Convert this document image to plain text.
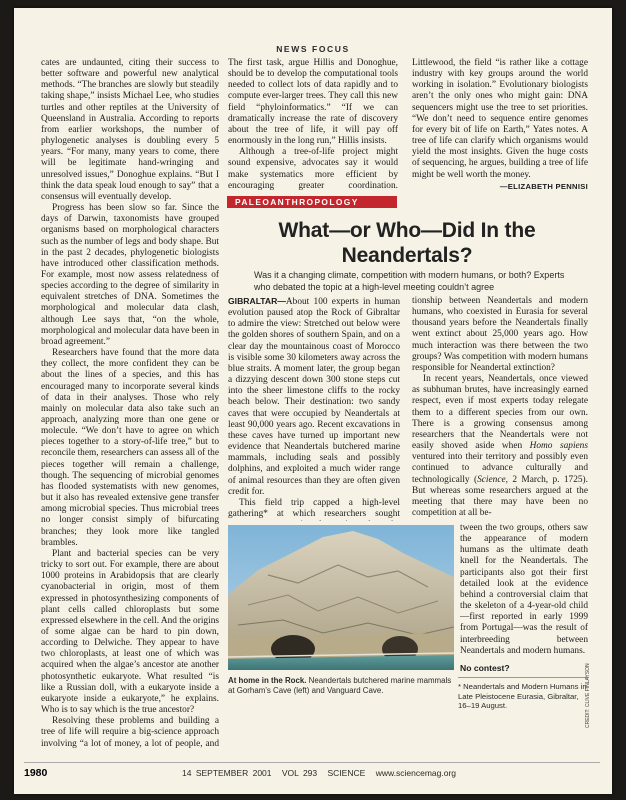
NEWS FOCUS

cates are undaunted, citing their success to better software and powerful new analytical methods. “The branches are slowly but steadily taking shape,” insists Michael Lee, who studies turtles and other reptiles at the University of Queensland in Australia. According to reports from earlier workshops, the number of phylogenetic analyses is doubling every 5 years. “For many, many years to come, there will be legitimate hand-wringing and unresolved issues,” Donoghue explains. “But I think the data speak loud enough to say” that a consensus will eventually develop.

Progress has been slow so far. Since the days of Darwin, taxonomists have grouped organisms based on morphological characters such as the number of legs and body shape. But in the past 2 decades, phylogenetic biologists have introduced other classification methods. For example, most now assess relatedness of species according to the degree of similarity in equivalent stretches of DNA. Sometimes the morphological and molecular data clash, although Lee says that, “on the whole, morphological and molecular data have been in broad agreement.”

Researchers have found that the more data they collect, the more confident they can be about the lines of a species, and this has encouraged many to incorporate several kinds of data in their analyses. Those who rely mainly on molecular data also take such an approach, analyzing more than one gene or molecule. “We don’t have to agree on which pieces together to a story-of-life tree,” but to reconcile them, researchers can assess all of the pieces together will remain a challenge, though. The sequencing of microbial genomes has flooded systematists with new genomes, but it also has revealed extensive gene transfer among microbial species. Thus microbial trees no longer consist simply of bifurcating branches; they look more like tangled brambles.

Plant and bacterial species can be very tricky to sort out. For example, there are about 1000 proteins in Arabidopsis that are clearly cyanobacterial in origin, most of them expressed in photosynthesizing components of plant cells called chloroplasts but some expressed elsewhere in the cell. And the origins of some algae can be hard to pin down, according to Delwiche. They appear to have two chloroplasts, at least one of which was acquired when the algae’s ancestor ate another photosynthetic eukaryote. What resulted “is like a Russian doll, with a eukaryote inside a eukaryote inside a eukaryote,” he explains. Who is to say which is the true ancestor?

Resolving these problems and building a tree of life will require a big-science approach involving “a lot of money, a lot of people, and

The first task, argue Hillis and Donoghue, should be to develop the computational tools needed to collect lots of data rapidly and to compute ever-larger trees. They call this new field “phyloinformatics.” “If we can dramatically increase the rate of discovery about the tree of life, it will pay off enormously in the long run,” Hillis insists.

Although a tree-of-life project might sound expensive, advocates say it would make systematics more efficient by encouraging greater coordination.

Littlewood, the field “is rather like a cottage industry with key groups around the world working in isolation.” Evolutionary biologists aren’t the only ones who might gain: DNA sequencers might use the tree to set priorities. “We don’t need to sequence entire genomes for every bit of life on Earth,” Yates notes. A tree of life can clarify which organisms would yield the most insights. Given the huge costs of sequencing, he argues, building a tree of life might be well worth the money.

—ELIZABETH PENNISI

PALEOANTHROPOLOGY
What—or Who—Did In the Neandertals?
Was it a changing climate, competition with modern humans, or both? Experts who debated the topic at a high-level meeting couldn’t agree

GIBRALTAR—About 100 experts in human evolution paused atop the Rock of Gibraltar to admire the view: Stretched out below were the golden shores of southern Spain, and on a clear day the mountainous coast of Morocco is visible some 30 kilometers away across the blue straits. A moment later, the group began a dizzying descent down 300 stone steps cut into the sheer limestone cliffs to the rocky beach below. Their destination: two sandy caves that were occupied by Neandertals at least 90,000 years ago. Recent excavations in these caves have turned up important new evidence that Neandertals butchered marine mammals, including seals and possibly dolphins, and exploited a much wider range of animal resources than they are often given credit for.

This field trip capped a high-level gathering* at which researchers sought

tionship between Neandertals and modern humans, who coexisted in Eurasia for several thousand years before the Neandertals finally went extinct about 25,000 years ago. How much interaction was there between the two groups? Was competition with modern humans responsible for Neandertal extinction?

In recent years, Neandertals, once viewed as subhuman brutes, have increasingly earned respect, even if most experts today relegate them to a different species from our own. There is a growing consensus among researchers that the Neandertals were not easily shoved aside when Homo sapiens ventured into their territory and possibly even continued to advance culturally and technologically (Science, 2 March, p. 1725). But whereas some researchers argued at the meeting that there may have been no competition at all be-

At home in the Rock. Neandertals butchered marine mammals at Gorham’s Cave (left) and Vanguard Cave.

tween the two groups, others saw the appearance of modern humans as the ultimate death knell for the Neandertals. The participants also got their first detailed look at the evidence behind a controversial claim that the skeleton of a 4-year-old child—first reported in early 1999 from Portugal—was the result of interbreeding between Neandertals and modern humans.

No contest?

* Neandertals and Modern Humans in Late Pleistocene Eurasia, Gibraltar, 16–19 August.	CREDIT: CLIVE FINLAYSON
1980	14 SEPTEMBER 2001 VOL 293 SCIENCE www.sciencemag.org
